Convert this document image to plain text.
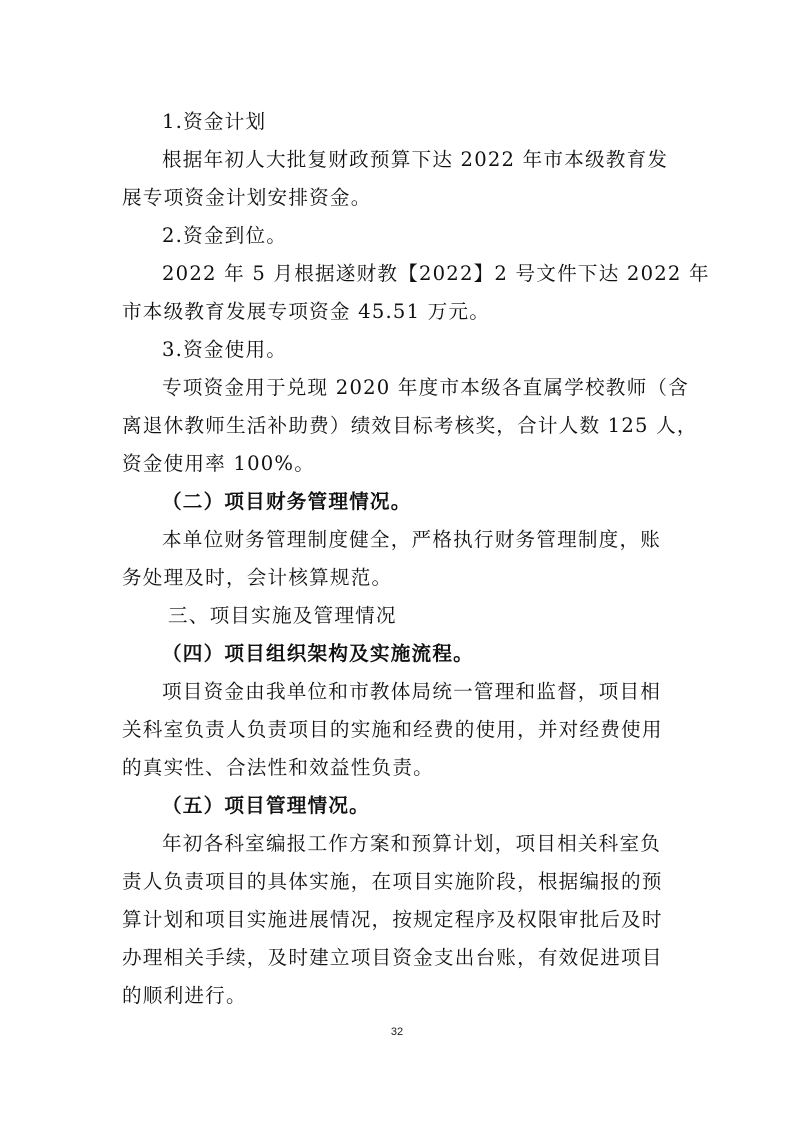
1.资金计划
根据年初人大批复财政预算下达 2022 年市本级教育发
展专项资金计划安排资金。
2.资金到位。
2022 年 5 月根据遂财教【2022】2 号文件下达 2022 年
市本级教育发展专项资金 45.51 万元。
3.资金使用。
专项资金用于兑现 2020 年度市本级各直属学校教师（含
离退休教师生活补助费）绩效目标考核奖，合计人数 125 人，
资金使用率 100%。
（二）项目财务管理情况。
本单位财务管理制度健全，严格执行财务管理制度，账
务处理及时，会计核算规范。
三、项目实施及管理情况
（四）项目组织架构及实施流程。
项目资金由我单位和市教体局统一管理和监督，项目相
关科室负责人负责项目的实施和经费的使用，并对经费使用
的真实性、合法性和效益性负责。
（五）项目管理情况。
年初各科室编报工作方案和预算计划，项目相关科室负
责人负责项目的具体实施，在项目实施阶段，根据编报的预
算计划和项目实施进展情况，按规定程序及权限审批后及时
办理相关手续，及时建立项目资金支出台账，有效促进项目
的顺利进行。
32
